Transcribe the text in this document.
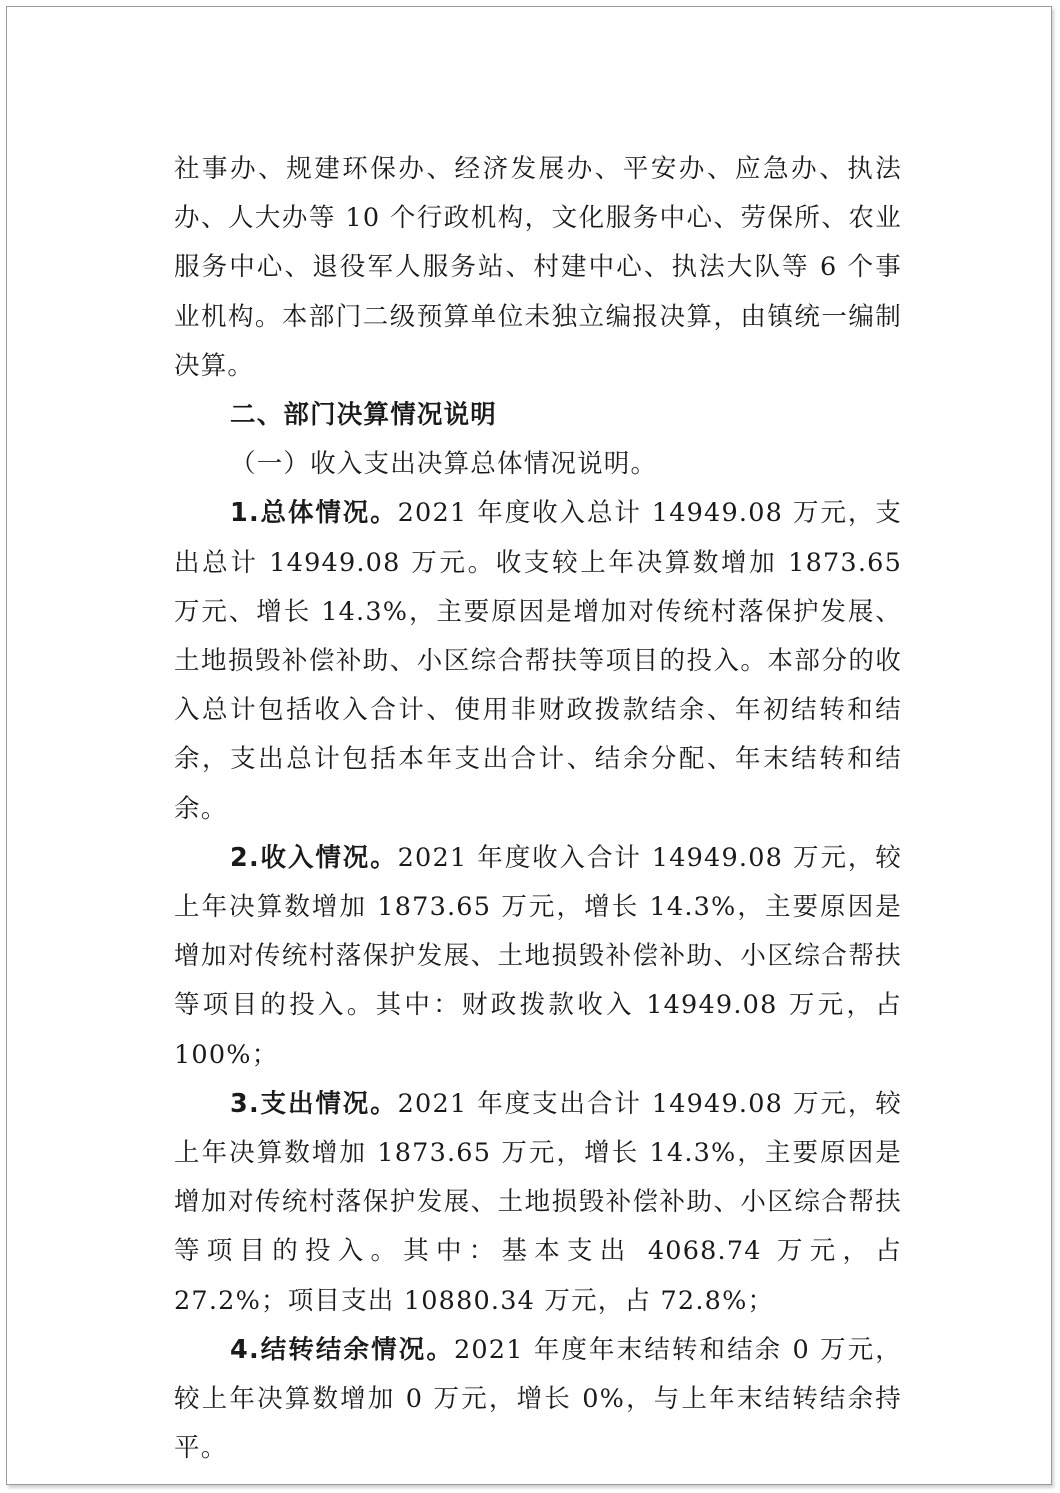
社事办、规建环保办、经济发展办、平安办、应急办、执法办、人大办等 10 个行政机构，文化服务中心、劳保所、农业服务中心、退役军人服务站、村建中心、执法大队等 6 个事业机构。本部门二级预算单位未独立编报决算，由镇统一编制决算。

二、部门决算情况说明

（一）收入支出决算总体情况说明。

1.总体情况。2021 年度收入总计 14949.08 万元，支出总计 14949.08 万元。收支较上年决算数增加 1873.65 万元、增长 14.3%，主要原因是增加对传统村落保护发展、土地损毁补偿补助、小区综合帮扶等项目的投入。本部分的收入总计包括收入合计、使用非财政拨款结余、年初结转和结余，支出总计包括本年支出合计、结余分配、年末结转和结余。

2.收入情况。2021 年度收入合计 14949.08 万元，较上年决算数增加 1873.65 万元，增长 14.3%，主要原因是增加对传统村落保护发展、土地损毁补偿补助、小区综合帮扶等项目的投入。其中：财政拨款收入 14949.08 万元，占 100%；

3.支出情况。2021 年度支出合计 14949.08 万元，较上年决算数增加 1873.65 万元，增长 14.3%，主要原因是增加对传统村落保护发展、土地损毁补偿补助、小区综合帮扶等项目的投入。其中：基本支出 4068.74 万元，占 27.2%；项目支出 10880.34 万元，占 72.8%；

4.结转结余情况。2021 年度年末结转和结余 0 万元，较上年决算数增加 0 万元，增长 0%，与上年末结转结余持平。
